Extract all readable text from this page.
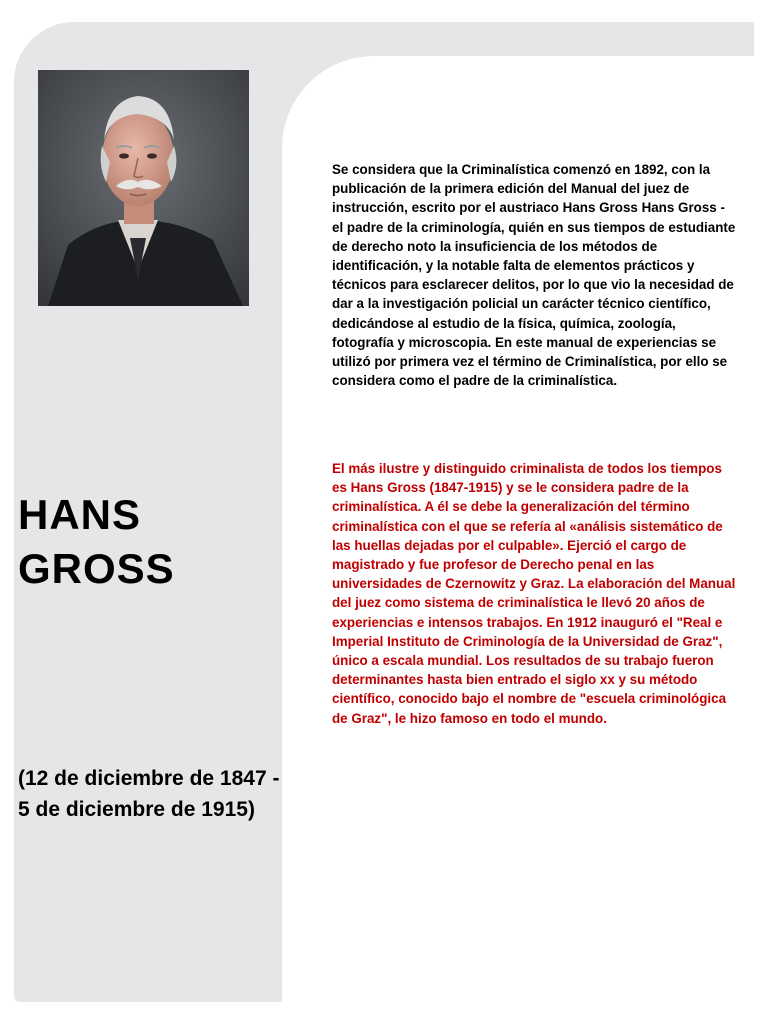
HANS GROSS

(12 de diciembre de 1847 - 5 de diciembre de 1915)

Se considera que la Criminalística comenzó en 1892, con la publicación de la primera edición del Manual del juez de instrucción, escrito por el austriaco Hans Gross Hans Gross - el padre de la criminología, quién en sus tiempos de estudiante de derecho noto la insuficiencia de los métodos de identificación, y la notable falta de elementos prácticos y técnicos para esclarecer delitos, por lo que vio la necesidad de dar a la investigación policial un carácter técnico científico, dedicándose al estudio de la física, química, zoología, fotografía y microscopia. En este manual de experiencias se utilizó por primera vez el término de Criminalística, por ello se considera como el padre de la criminalística.

El más ilustre y distinguido criminalista de todos los tiempos es Hans Gross (1847-1915) y se le considera padre de la criminalística. A él se debe la generalización del término criminalística con el que se refería al «análisis sistemático de las huellas dejadas por el culpable». Ejerció el cargo de magistrado y fue profesor de Derecho penal en las universidades de Czernowitz y Graz. La elaboración del Manual del juez como sistema de criminalística le llevó 20 años de experiencias e intensos trabajos. En 1912 inauguró el "Real e Imperial Instituto de Criminología de la Universidad de Graz", único a escala mundial. Los resultados de su trabajo fueron determinantes hasta bien entrado el siglo xx y su método científico, conocido bajo el nombre de "escuela criminológica de Graz", le hizo famoso en todo el mundo.
